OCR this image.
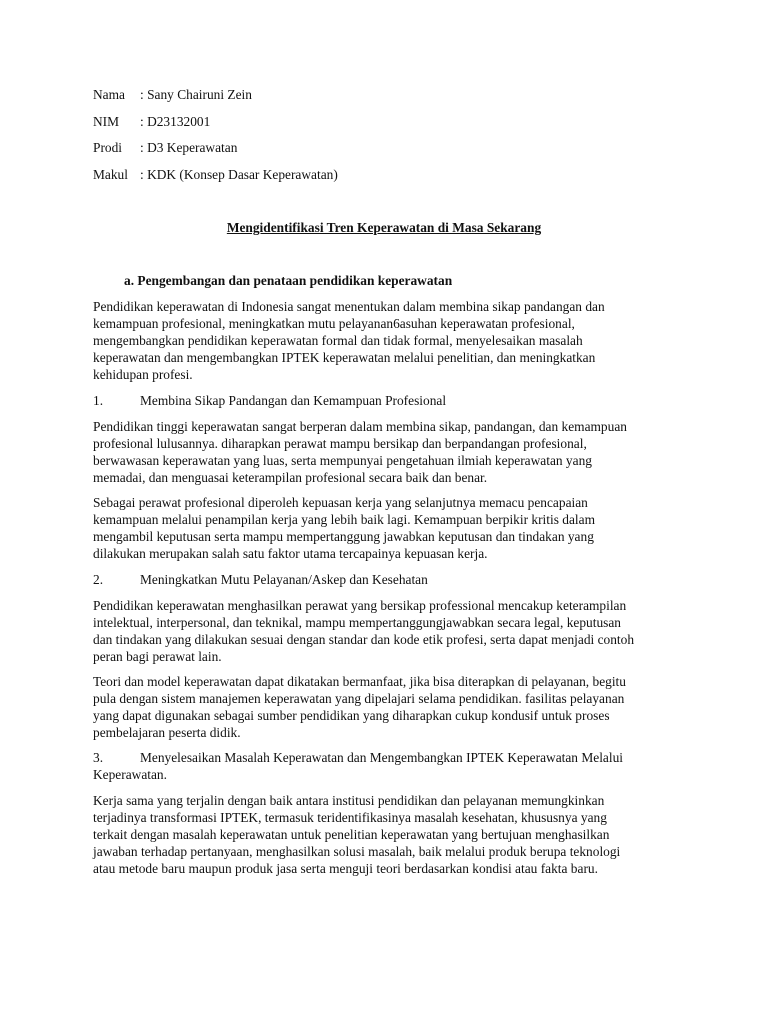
Nama	: Sany Chairuni Zein
NIM	: D23132001
Prodi	: D3 Keperawatan
Makul	: KDK (Konsep Dasar Keperawatan)
Mengidentifikasi Tren Keperawatan di Masa Sekarang
a. Pengembangan dan penataan pendidikan keperawatan

Pendidikan keperawatan di Indonesia sangat menentukan dalam membina sikap pandangan dan
kemampuan profesional, meningkatkan mutu pelayanan6asuhan keperawatan profesional,
mengembangkan pendidikan keperawatan formal dan tidak formal, menyelesaikan masalah
keperawatan dan mengembangkan IPTEK keperawatan melalui penelitian, dan meningkatkan
kehidupan profesi.

1.	Membina Sikap Pandangan dan Kemampuan Profesional

Pendidikan tinggi keperawatan sangat berperan dalam membina sikap, pandangan, dan kemampuan
profesional lulusannya. diharapkan perawat mampu bersikap dan berpandangan profesional,
berwawasan keperawatan yang luas, serta mempunyai pengetahuan ilmiah keperawatan yang
memadai, dan menguasai keterampilan profesional secara baik dan benar.

Sebagai perawat profesional diperoleh kepuasan kerja yang selanjutnya memacu pencapaian
kemampuan melalui penampilan kerja yang lebih baik lagi. Kemampuan berpikir kritis dalam
mengambil keputusan serta mampu mempertanggung jawabkan keputusan dan tindakan yang
dilakukan merupakan salah satu faktor utama tercapainya kepuasan kerja.

2.	Meningkatkan Mutu Pelayanan/Askep dan Kesehatan

Pendidikan keperawatan menghasilkan perawat yang bersikap professional mencakup keterampilan
intelektual, interpersonal, dan teknikal, mampu mempertanggungjawabkan secara legal, keputusan
dan tindakan yang dilakukan sesuai dengan standar dan kode etik profesi, serta dapat menjadi contoh
peran bagi perawat lain.

Teori dan model keperawatan dapat dikatakan bermanfaat, jika bisa diterapkan di pelayanan, begitu
pula dengan sistem manajemen keperawatan yang dipelajari selama pendidikan. fasilitas pelayanan
yang dapat digunakan sebagai sumber pendidikan yang diharapkan cukup kondusif untuk proses
pembelajaran peserta didik.

3.	Menyelesaikan Masalah Keperawatan dan Mengembangkan IPTEK Keperawatan Melalui
Keperawatan.

Kerja sama yang terjalin dengan baik antara institusi pendidikan dan pelayanan memungkinkan
terjadinya transformasi IPTEK, termasuk teridentifikasinya masalah kesehatan, khususnya yang
terkait dengan masalah keperawatan untuk penelitian keperawatan yang bertujuan menghasilkan
jawaban terhadap pertanyaan, menghasilkan solusi masalah, baik melalui produk berupa teknologi
atau metode baru maupun produk jasa serta menguji teori berdasarkan kondisi atau fakta baru.
